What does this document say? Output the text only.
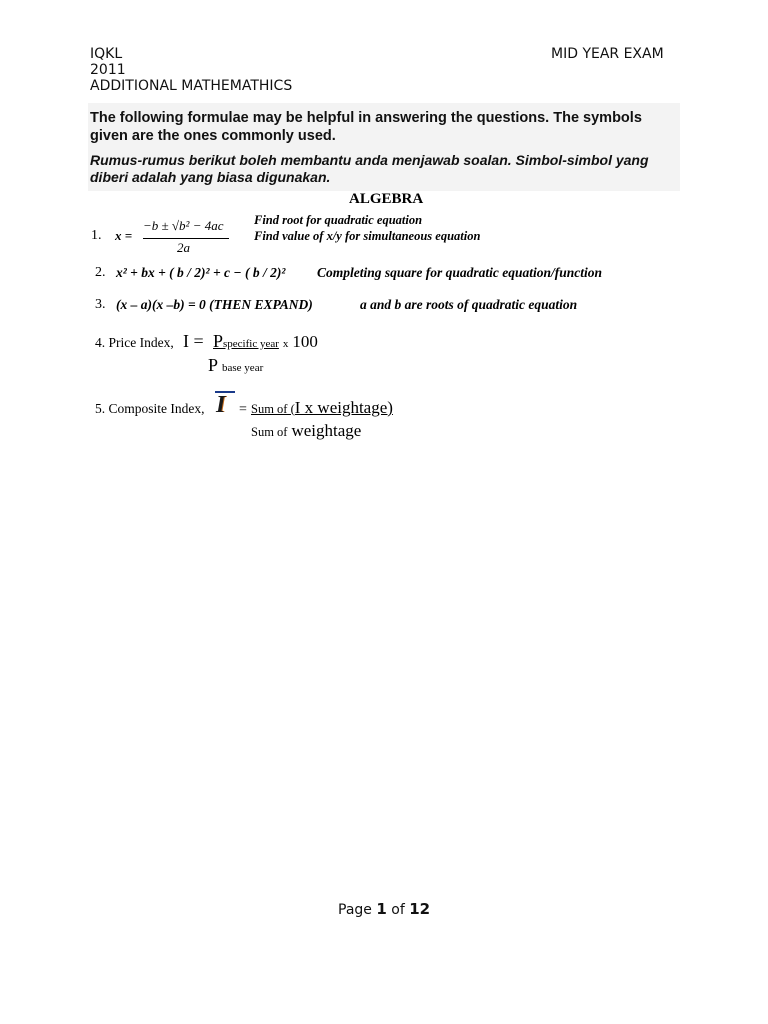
IQKL
2011
ADDITIONAL MATHEMATHICS
MID YEAR EXAM
The following formulae may be helpful in answering the questions. The symbols given are the ones commonly used.
Rumus-rumus berikut boleh membantu anda menjawab soalan. Simbol-simbol yang diberi adalah yang biasa digunakan.
ALGEBRA
1. x =
−b ± √b² − 4ac
2a
Find root for quadratic equation
Find value of x/y for simultaneous equation
2. x² + bx + ( b / 2)² + c − ( b / 2)² Completing square for quadratic equation/function
3. (x – a)(x –b) = 0 (THEN EXPAND)	a and b are roots of quadratic equation
4. Price Index, I = Pspecific year x 100
P base year
5. Composite Index, I = Sum of (I x weightage)
Sum of weightage
Page 1 of 12
